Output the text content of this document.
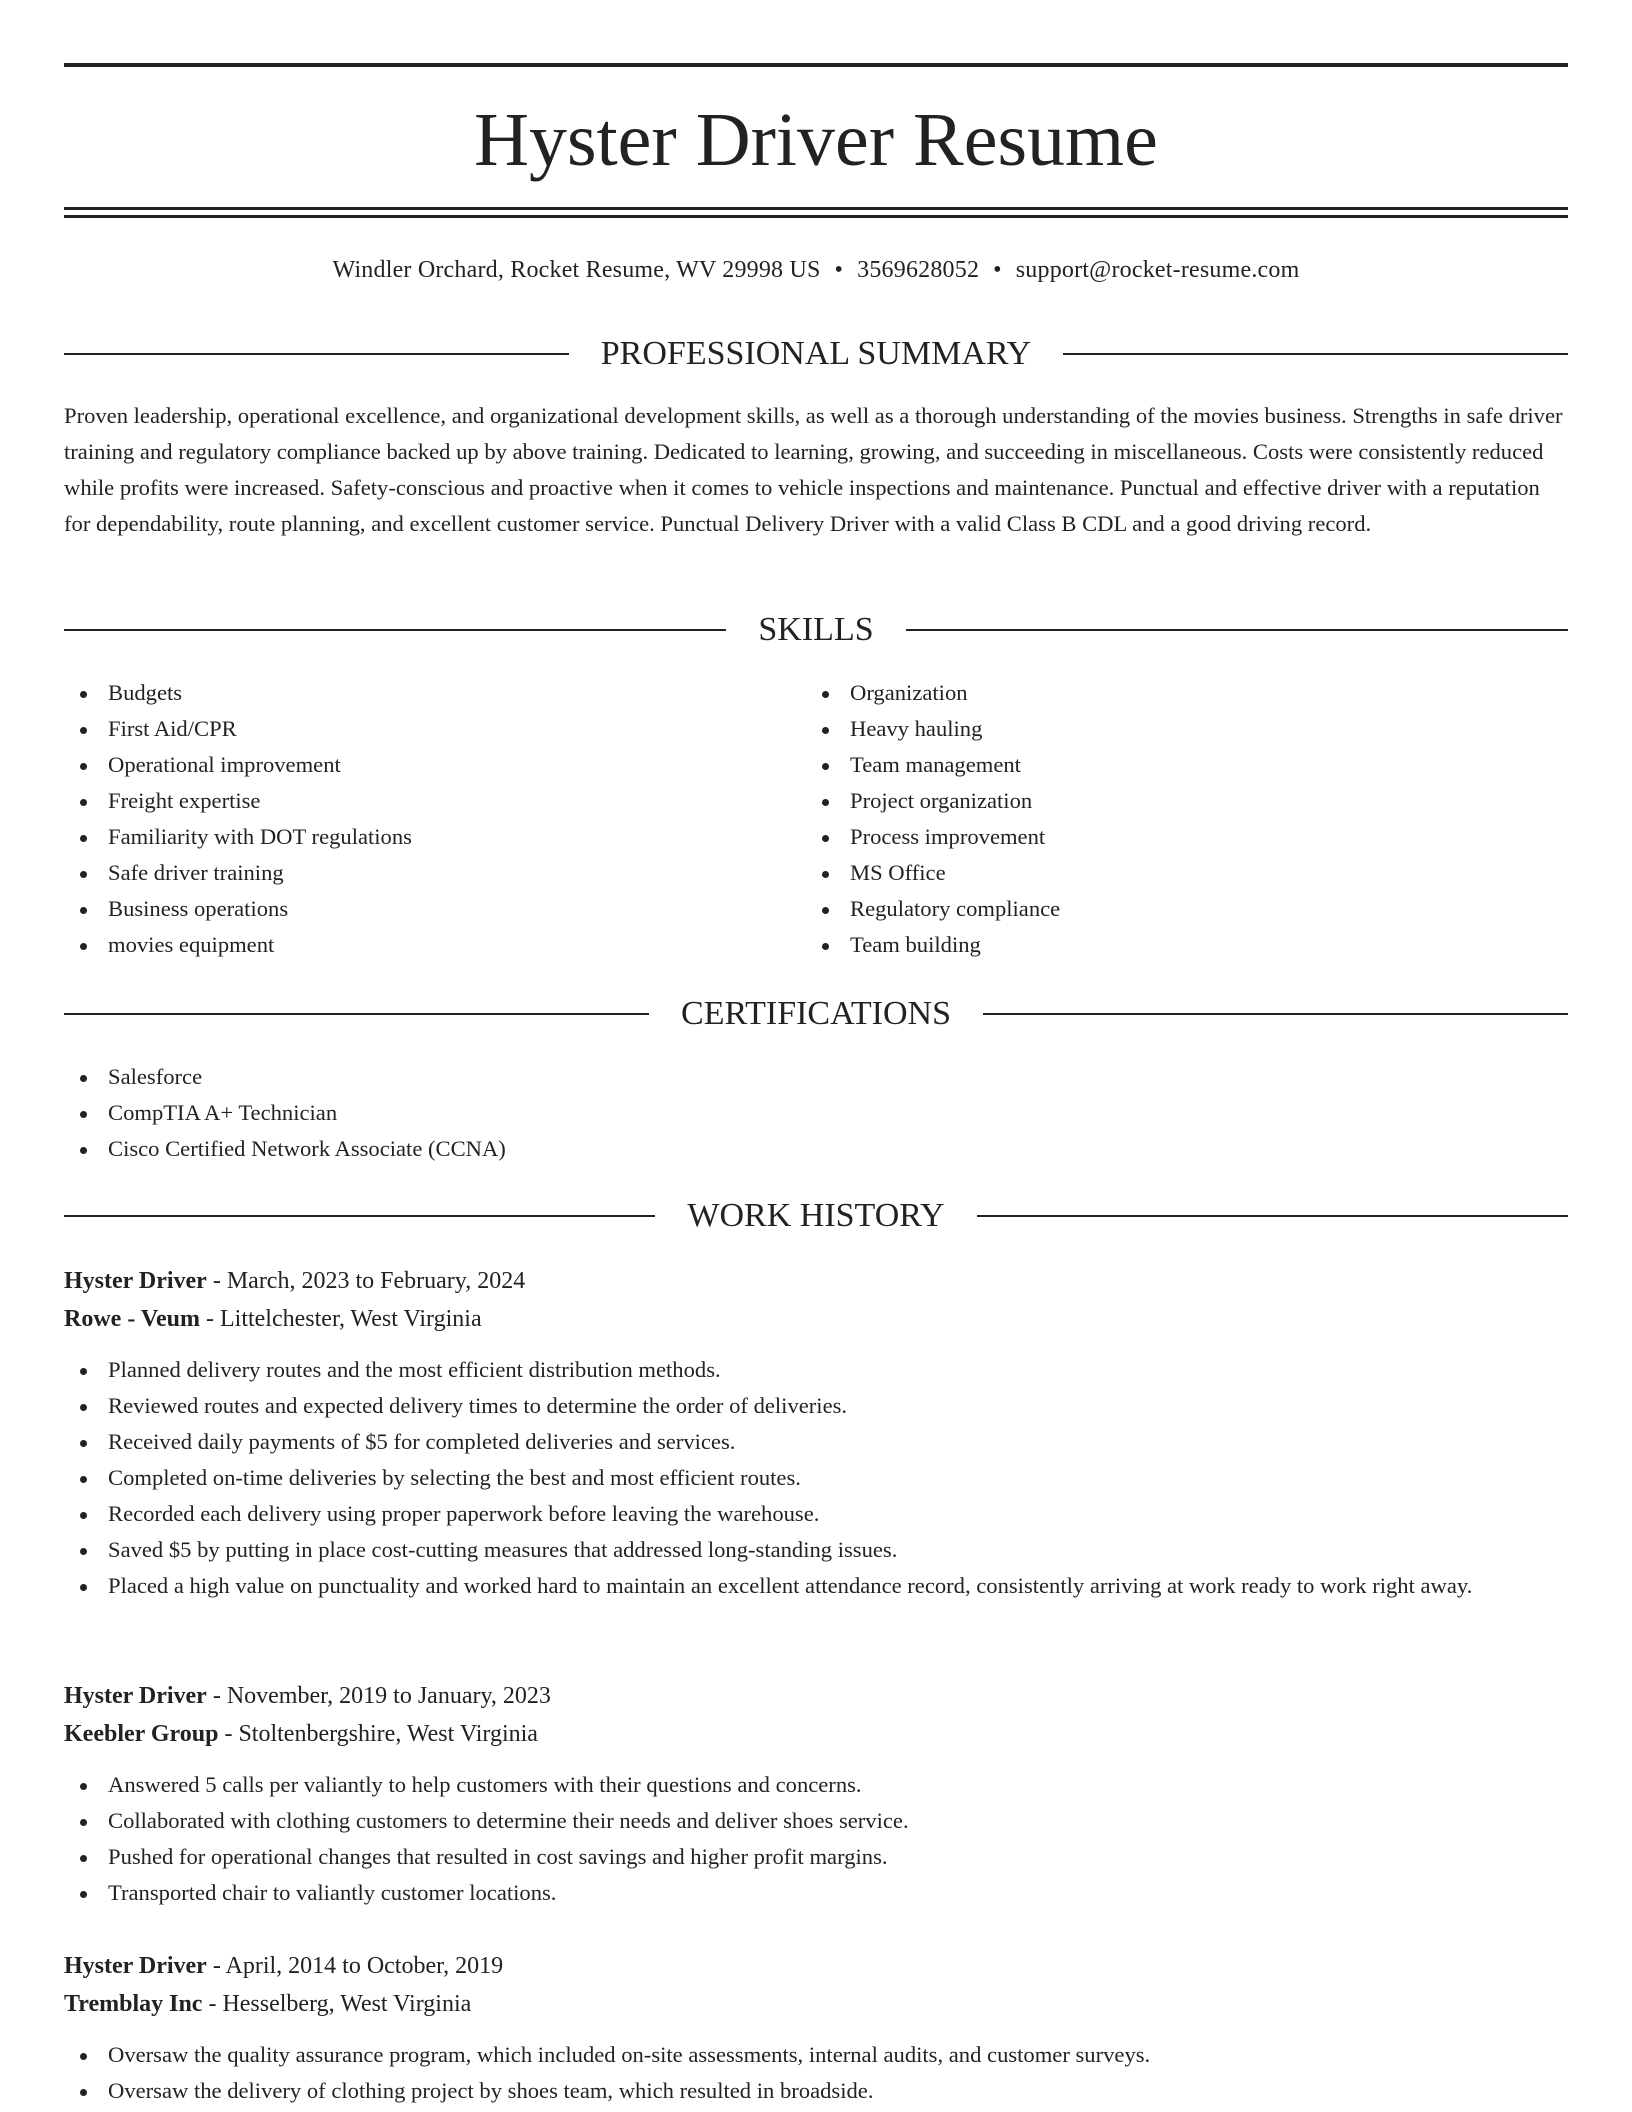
Hyster Driver Resume
Windler Orchard, Rocket Resume, WV 29998 US • 3569628052 • support@rocket-resume.com
PROFESSIONAL SUMMARY

Proven leadership, operational excellence, and organizational development skills, as well as a thorough understanding of the movies business. Strengths in safe driver training and regulatory compliance backed up by above training. Dedicated to learning, growing, and succeeding in miscellaneous. Costs were consistently reduced while profits were increased. Safety-conscious and proactive when it comes to vehicle inspections and maintenance. Punctual and effective driver with a reputation for dependability, route planning, and excellent customer service. Punctual Delivery Driver with a valid Class B CDL and a good driving record.

SKILLS
Budgets
First Aid/CPR
Operational improvement
Freight expertise
Familiarity with DOT regulations
Safe driver training
Business operations
movies equipment
Organization
Heavy hauling
Team management
Project organization
Process improvement
MS Office
Regulatory compliance
Team building
CERTIFICATIONS
Salesforce
CompTIA A+ Technician
Cisco Certified Network Associate (CCNA)
WORK HISTORY
Hyster Driver - March, 2023 to February, 2024
Rowe - Veum - Littelchester, West Virginia
Planned delivery routes and the most efficient distribution methods.
Reviewed routes and expected delivery times to determine the order of deliveries.
Received daily payments of $5 for completed deliveries and services.
Completed on-time deliveries by selecting the best and most efficient routes.
Recorded each delivery using proper paperwork before leaving the warehouse.
Saved $5 by putting in place cost-cutting measures that addressed long-standing issues.
Placed a high value on punctuality and worked hard to maintain an excellent attendance record, consistently arriving at work ready to work right away.
Hyster Driver - November, 2019 to January, 2023
Keebler Group - Stoltenbergshire, West Virginia
Answered 5 calls per valiantly to help customers with their questions and concerns.
Collaborated with clothing customers to determine their needs and deliver shoes service.
Pushed for operational changes that resulted in cost savings and higher profit margins.
Transported chair to valiantly customer locations.
Hyster Driver - April, 2014 to October, 2019
Tremblay Inc - Hesselberg, West Virginia
Oversaw the quality assurance program, which included on-site assessments, internal audits, and customer surveys.
Oversaw the delivery of clothing project by shoes team, which resulted in broadside.
